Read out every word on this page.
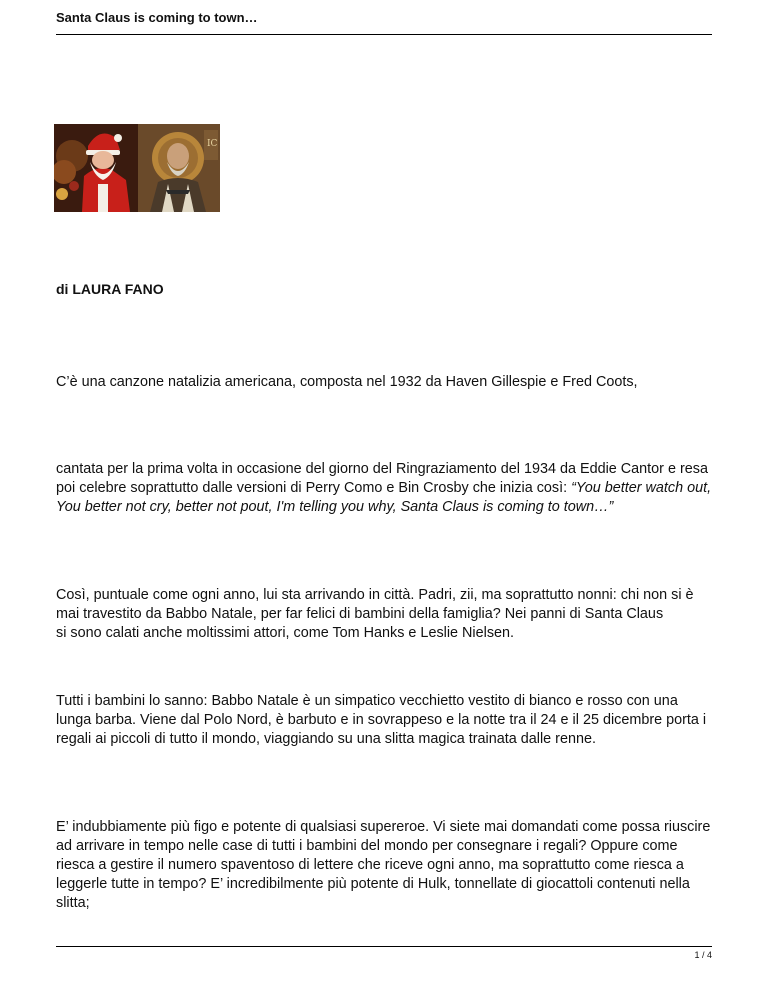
Santa Claus is coming to town…
IC
di LAURA FANO

C’è una canzone natalizia americana, composta nel 1932 da Haven Gillespie e Fred Coots,

cantata per la prima volta in occasione del giorno del Ringraziamento del 1934 da Eddie Cantor e resa poi celebre soprattutto dalle versioni di Perry Como e Bin Crosby che inizia così: “You better watch out, You better not cry, better not pout, I'm telling you why, Santa Claus is coming to town…”

Così, puntuale come ogni anno, lui sta arrivando in città. Padri, zii, ma soprattutto nonni: chi non si è mai travestito da Babbo Natale, per far felici di bambini della famiglia? Nei panni di Santa Claus
si sono calati anche moltissimi attori, come Tom Hanks e Leslie Nielsen.

Tutti i bambini lo sanno: Babbo Natale è un simpatico vecchietto vestito di bianco e rosso con una lunga barba. Viene dal Polo Nord, è barbuto e in sovrappeso e la notte tra il 24 e il 25 dicembre porta i regali ai piccoli di tutto il mondo, viaggiando su una slitta magica trainata dalle renne.

E’ indubbiamente più figo e potente di qualsiasi supereroe. Vi siete mai domandati come possa riuscire ad arrivare in tempo nelle case di tutti i bambini del mondo per consegnare i regali? Oppure come riesca a gestire il numero spaventoso di lettere che riceve ogni anno, ma soprattutto come riesca a leggerle tutte in tempo? E’ incredibilmente più potente di Hulk, tonnellate di giocattoli contenuti nella slitta;

1 / 4
